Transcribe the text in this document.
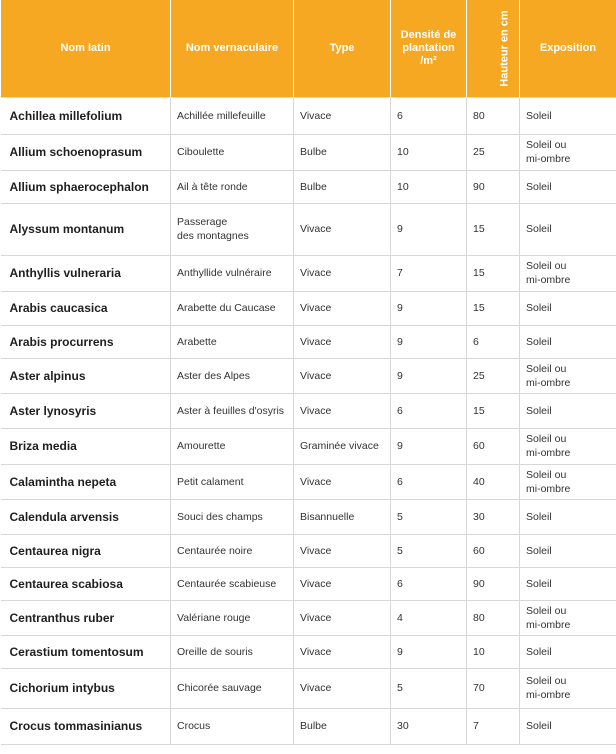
Nom latin	Nom vernaculaire	Type	Densité de
plantation
/m²	Hauteur en cm	Exposition
Achillea millefolium	Achillée millefeuille	Vivace	6	80	Soleil
Allium schoenoprasum	Ciboulette	Bulbe	10	25	Soleil ou
mi-ombre
Allium sphaerocephalon	Ail à tête ronde	Bulbe	10	90	Soleil
Alyssum montanum	Passerage
des montagnes	Vivace	9	15	Soleil
Anthyllis vulneraria	Anthyllide vulnéraire	Vivace	7	15	Soleil ou
mi-ombre
Arabis caucasica	Arabette du Caucase	Vivace	9	15	Soleil
Arabis procurrens	Arabette	Vivace	9	6	Soleil
Aster alpinus	Aster des Alpes	Vivace	9	25	Soleil ou
mi-ombre
Aster lynosyris	Aster à feuilles d'osyris	Vivace	6	15	Soleil
Briza media	Amourette	Graminée vivace	9	60	Soleil ou
mi-ombre
Calamintha nepeta	Petit calament	Vivace	6	40	Soleil ou
mi-ombre
Calendula arvensis	Souci des champs	Bisannuelle	5	30	Soleil
Centaurea nigra	Centaurée noire	Vivace	5	60	Soleil
Centaurea scabiosa	Centaurée scabieuse	Vivace	6	90	Soleil
Centranthus ruber	Valériane rouge	Vivace	4	80	Soleil ou
mi-ombre
Cerastium tomentosum	Oreille de souris	Vivace	9	10	Soleil
Cichorium intybus	Chicorée sauvage	Vivace	5	70	Soleil ou
mi-ombre
Crocus tommasinianus	Crocus	Bulbe	30	7	Soleil
